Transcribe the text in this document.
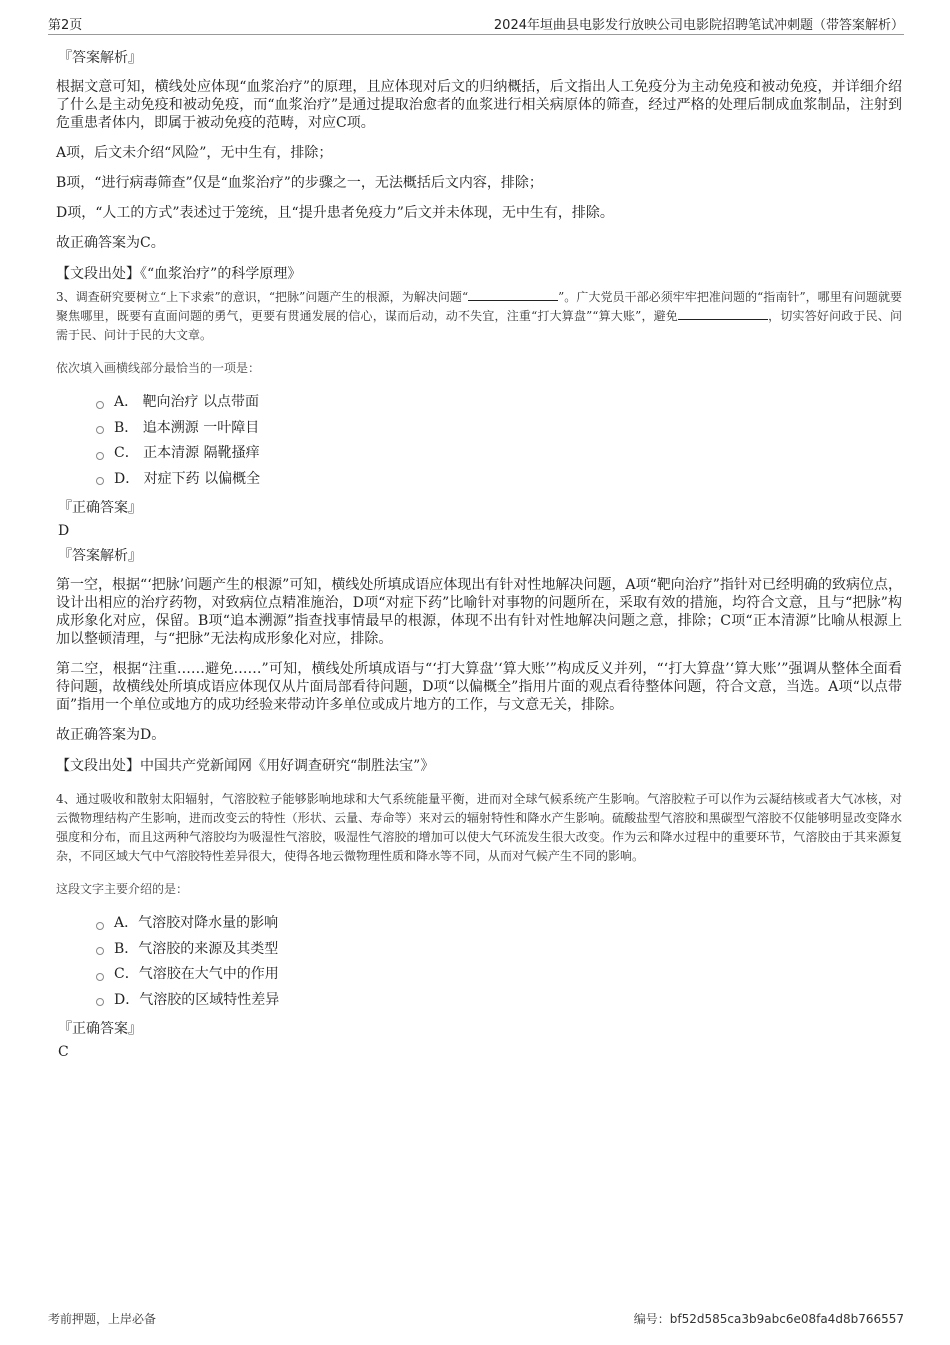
第2页	2024年垣曲县电影发行放映公司电影院招聘笔试冲刺题（带答案解析）
『答案解析』

根据文意可知，横线处应体现“血浆治疗”的原理，且应体现对后文的归纳概括，后文指出人工免疫分为主动免疫和被动免疫，并详细介绍了什么是主动免疫和被动免疫，而“血浆治疗”是通过提取治愈者的血浆进行相关病原体的筛查，经过严格的处理后制成血浆制品，注射到危重患者体内，即属于被动免疫的范畴，对应C项。

A项，后文未介绍“风险”，无中生有，排除；

B项，“进行病毒筛查”仅是“血浆治疗”的步骤之一，无法概括后文内容，排除；

D项，“人工的方式”表述过于笼统，且“提升患者免疫力”后文并未体现，无中生有，排除。

故正确答案为C。

【文段出处】《“血浆治疗”的科学原理》

3、调查研究要树立“上下求索”的意识，“把脉”问题产生的根源，为解决问题“	”。广大党员干部必须牢牢把准问题的“指南针”，哪里有问题就要聚焦哪里，既要有直面问题的勇气，更要有贯通发展的信心，谋而后动，动不失宜，注重“打大算盘”“算大账”，避免	，切实答好问政于民、问需于民、问计于民的大文章。

依次填入画横线部分最恰当的一项是：
A． 靶向治疗 以点带面
B． 追本溯源 一叶障目
C． 正本清源 隔靴搔痒
D． 对症下药 以偏概全
『正确答案』
D
『答案解析』

第一空，根据“‘把脉’问题产生的根源”可知，横线处所填成语应体现出有针对性地解决问题，A项“靶向治疗”指针对已经明确的致病位点，设计出相应的治疗药物，对致病位点精准施治，D项“对症下药”比喻针对事物的问题所在，采取有效的措施，均符合文意，且与“把脉”构成形象化对应，保留。B项“追本溯源”指查找事情最早的根源，体现不出有针对性地解决问题之意，排除；C项“正本清源”比喻从根源上加以整顿清理，与“把脉”无法构成形象化对应，排除。

第二空，根据“注重……避免……”可知，横线处所填成语与“‘打大算盘’‘算大账’”构成反义并列，“‘打大算盘’‘算大账’”强调从整体全面看待问题，故横线处所填成语应体现仅从片面局部看待问题，D项“以偏概全”指用片面的观点看待整体问题，符合文意，当选。A项“以点带面”指用一个单位或地方的成功经验来带动许多单位或成片地方的工作，与文意无关，排除。

故正确答案为D。

【文段出处】中国共产党新闻网《用好调查研究“制胜法宝”》

4、通过吸收和散射太阳辐射，气溶胶粒子能够影响地球和大气系统能量平衡，进而对全球气候系统产生影响。气溶胶粒子可以作为云凝结核或者大气冰核，对云微物理结构产生影响，进而改变云的特性（形状、云量、寿命等）来对云的辐射特性和降水产生影响。硫酸盐型气溶胶和黑碳型气溶胶不仅能够明显改变降水强度和分布，而且这两种气溶胶均为吸湿性气溶胶，吸湿性气溶胶的增加可以使大气环流发生很大改变。作为云和降水过程中的重要环节，气溶胶由于其来源复杂，不同区域大气中气溶胶特性差异很大，使得各地云微物理性质和降水等不同，从而对气候产生不同的影响。

这段文字主要介绍的是：
A．气溶胶对降水量的影响
B．气溶胶的来源及其类型
C．气溶胶在大气中的作用
D．气溶胶的区域特性差异
『正确答案』
C
考前押题，上岸必备	编号：bf52d585ca3b9abc6e08fa4d8b766557
